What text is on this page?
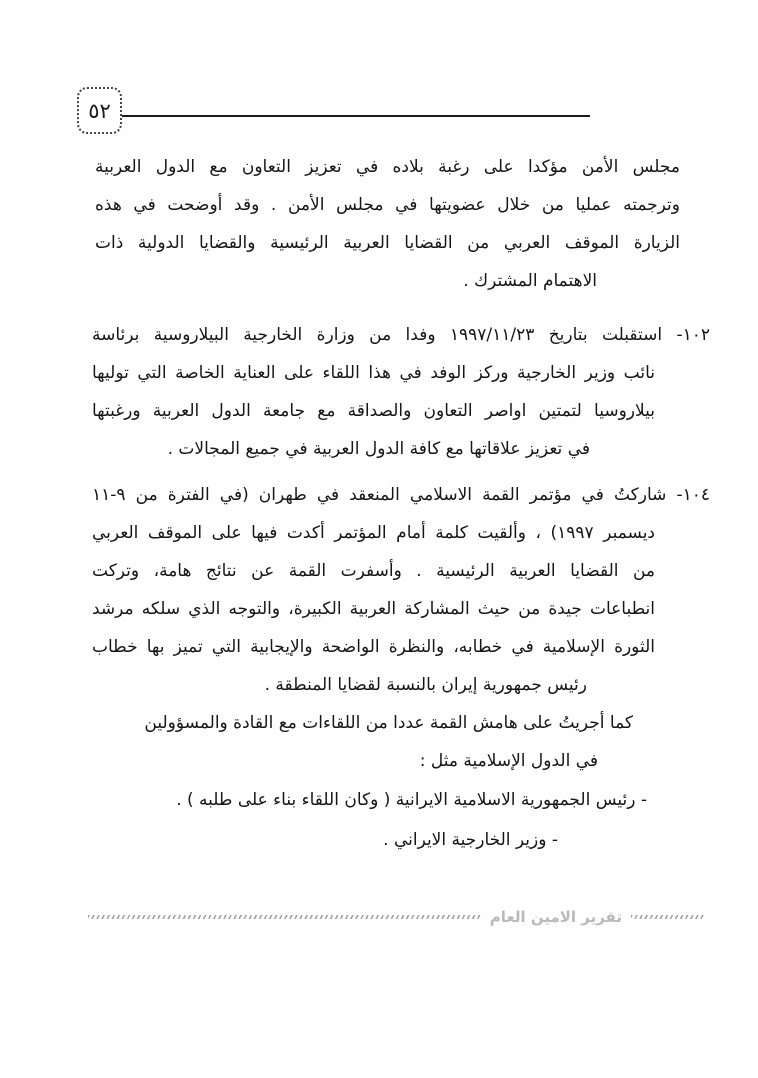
٥٢
مجلس الأمن مؤكدا على رغبة بلاده في تعزيز التعاون مع الدول العربية
وترجمته عمليا من خلال عضويتها في مجلس الأمن . وقد أوضحت في هذه
الزيارة الموقف العربي من القضايا العربية الرئيسية والقضايا الدولية ذات
الاهتمام المشترك .
١٠٢- استقبلت بتاريخ ١٩٩٧/١١/٢٣ وفدا من وزارة الخارجية البيلاروسية برئاسة
نائب وزير الخارجية وركز الوفد في هذا اللقاء على العناية الخاصة التي توليها
بيلاروسيا لتمتين اواصر التعاون والصداقة مع جامعة الدول العربية ورغبتها
في تعزيز علاقاتها مع كافة الدول العربية في جميع المجالات .
١٠٤- شاركتُ في مؤتمر القمة الاسلامي المنعقد في طهران (في الفترة من ٩-١١
ديسمبر ١٩٩٧) ، وألقيت كلمة أمام المؤتمر أكدت فيها على الموقف العربي
من القضايا العربية الرئيسية . وأسفرت القمة عن نتائج هامة، وتركت
انطباعات جيدة من حيث المشاركة العربية الكبيرة، والتوجه الذي سلكه مرشد
الثورة الإسلامية في خطابه، والنظرة الواضحة والإيجابية التي تميز بها خطاب
رئيس جمهورية إيران بالنسبة لقضايا المنطقة .
كما أجريتُ على هامش القمة عددا من اللقاءات مع القادة والمسؤولين
في الدول الإسلامية مثل :
- رئيس الجمهورية الاسلامية الايرانية ( وكان اللقاء بناء على طلبه ) .
- وزير الخارجية الايراني .
تقرير الامين العام
